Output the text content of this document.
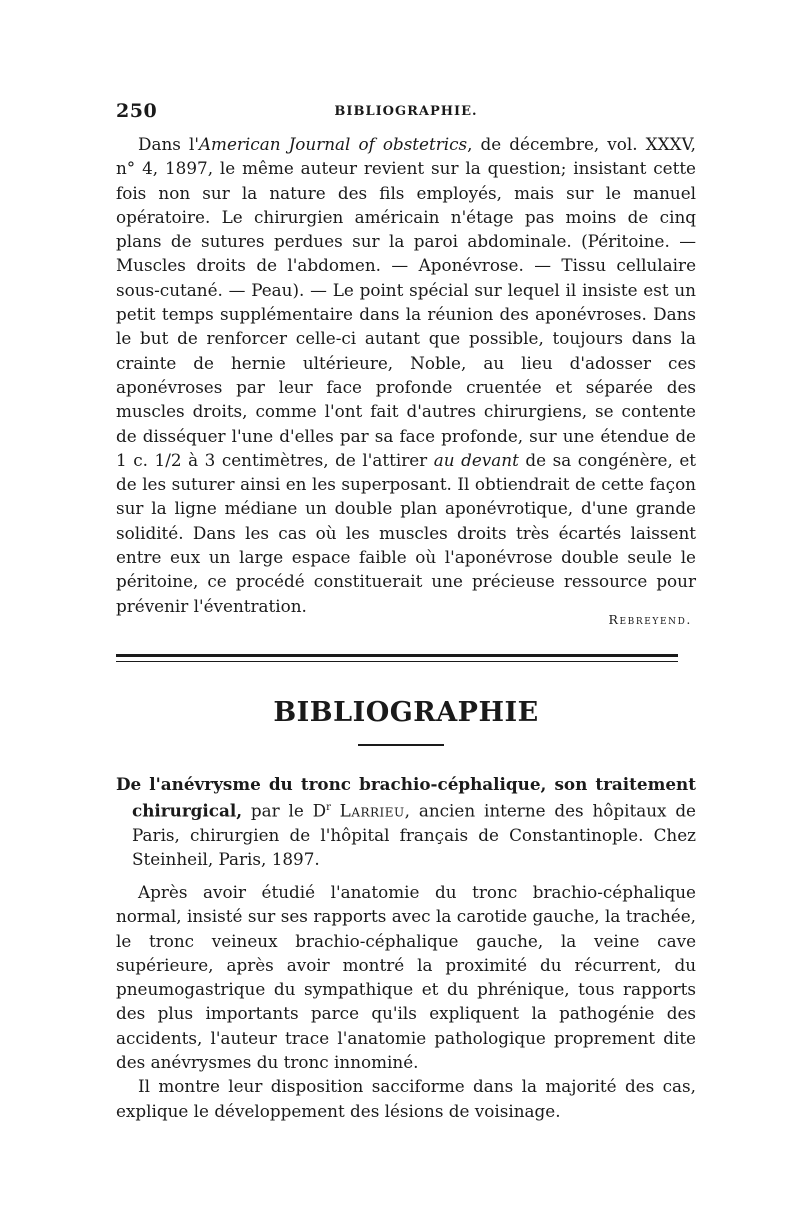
250	BIBLIOGRAPHIE.

Dans l'American Journal of obstetrics, de décembre, vol. XXXV, n° 4, 1897, le même auteur revient sur la question; insistant cette fois non sur la nature des fils employés, mais sur le manuel opératoire. Le chirurgien américain n'étage pas moins de cinq plans de sutures perdues sur la paroi abdominale. (Péritoine. — Muscles droits de l'abdomen. — Aponévrose. — Tissu cellulaire sous-cutané. — Peau). — Le point spécial sur lequel il insiste est un petit temps supplémentaire dans la réunion des aponévroses. Dans le but de renforcer celle-ci autant que possible, toujours dans la crainte de hernie ultérieure, Noble, au lieu d'adosser ces aponévroses par leur face profonde cruentée et séparée des muscles droits, comme l'ont fait d'autres chirurgiens, se contente de disséquer l'une d'elles par sa face profonde, sur une étendue de 1 c. 1/2 à 3 centimètres, de l'attirer au devant de sa congénère, et de les suturer ainsi en les superposant. Il obtiendrait de cette façon sur la ligne médiane un double plan aponévrotique, d'une grande solidité. Dans les cas où les muscles droits très écartés laissent entre eux un large espace faible où l'aponévrose double seule le péritoine, ce procédé constituerait une précieuse ressource pour prévenir l'éventration.

Rebreyend.
BIBLIOGRAPHIE

De l'anévrysme du tronc brachio-céphalique, son traitement chirurgical, par le $D^r$ Larrieu, ancien interne des hôpitaux de Paris, chirurgien de l'hôpital français de Constantinople. Chez Steinheil, Paris, 1897.

Après avoir étudié l'anatomie du tronc brachio-céphalique normal, insisté sur ses rapports avec la carotide gauche, la trachée, le tronc veineux brachio-céphalique gauche, la veine cave supérieure, après avoir montré la proximité du récurrent, du pneumogastrique du sympathique et du phrénique, tous rapports des plus importants parce qu'ils expliquent la pathogénie des accidents, l'auteur trace l'anatomie pathologique proprement dite des anévrysmes du tronc innominé.

Il montre leur disposition sacciforme dans la majorité des cas, explique le développement des lésions de voisinage.
